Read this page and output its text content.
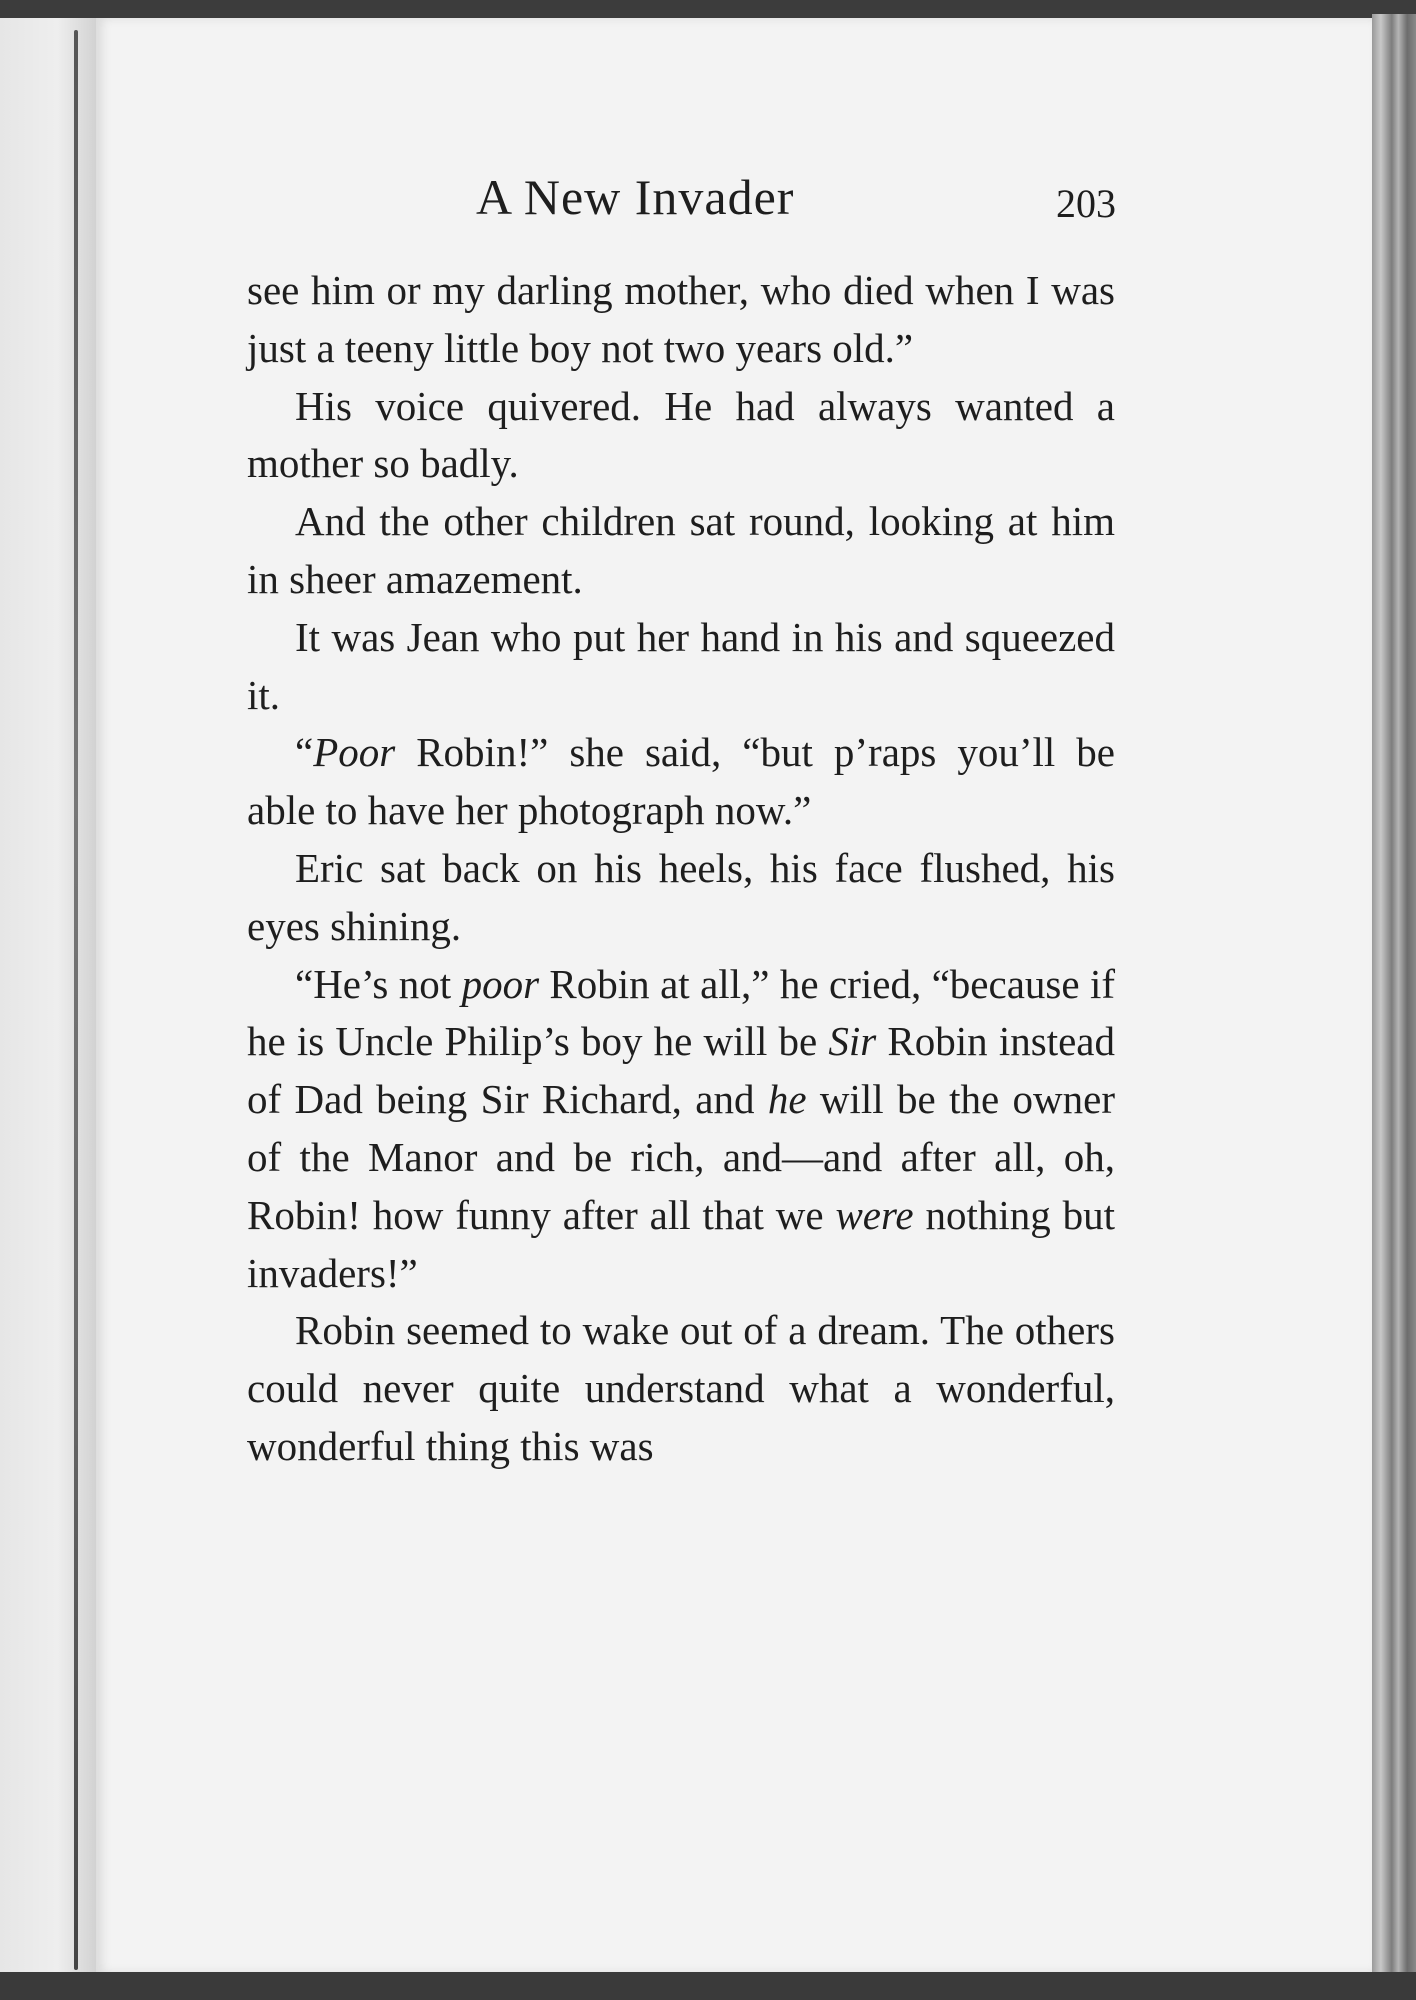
A New Invader	203

see him or my darling mother, who died when I was just a teeny little boy not two years old.”

His voice quivered. He had always wanted a mother so badly.

And the other children sat round, looking at him in sheer amazement.

It was Jean who put her hand in his and squeezed it.

“Poor Robin!” she said, “but p’raps you’ll be able to have her photograph now.”

Eric sat back on his heels, his face flushed, his eyes shining.

“He’s not poor Robin at all,” he cried, “because if he is Uncle Philip’s boy he will be Sir Robin instead of Dad being Sir Richard, and he will be the owner of the Manor and be rich, and—and after all, oh, Robin! how funny after all that we were nothing but invaders!”

Robin seemed to wake out of a dream. The others could never quite understand what a wonderful, wonderful thing this was
